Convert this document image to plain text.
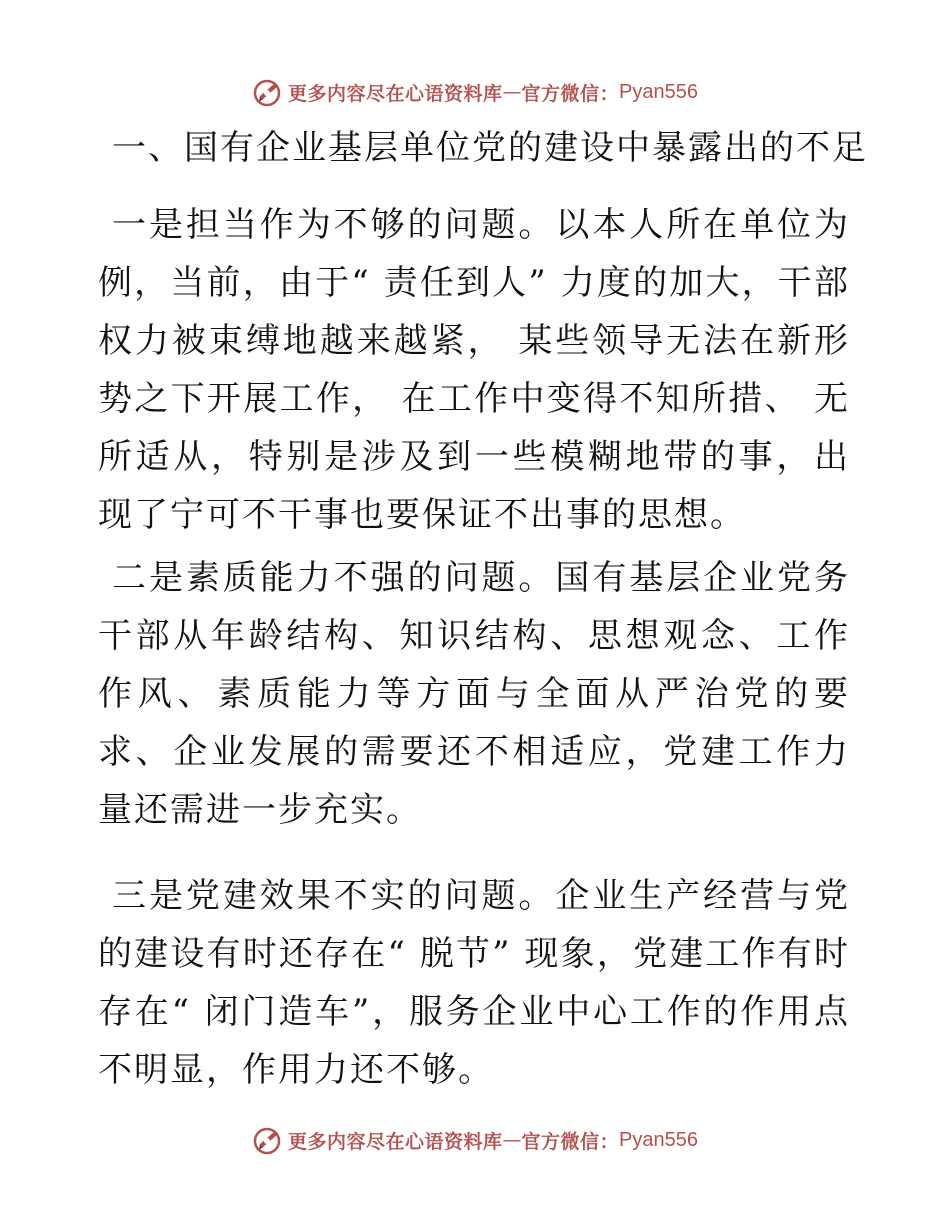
更多内容尽在心语资料库 — 官方微信： Pyan556
一、国有企业基层单位党的建设中暴露出的不足
一是担当作为不够的问题。以本人所在单位为例，当前，由于“ 责任到人” 力度的加大，干部权力被束缚地越来越紧， 某些领导无法在新形势之下开展工作， 在工作中变得不知所措、 无所适从，特别是涉及到一些模糊地带的事，出现了宁可不干事也要保证不出事的思想。
二是素质能力不强的问题。国有基层企业党务干部从年龄结构、知识结构、思想观念、工作作风、素质能力等方面与全面从严治党的要求、企业发展的需要还不相适应，党建工作力量还需进一步充实。
三是党建效果不实的问题。企业生产经营与党的建设有时还存在“ 脱节” 现象，党建工作有时存在“ 闭门造车”，服务企业中心工作的作用点不明显，作用力还不够。
更多内容尽在心语资料库 — 官方微信： Pyan556
